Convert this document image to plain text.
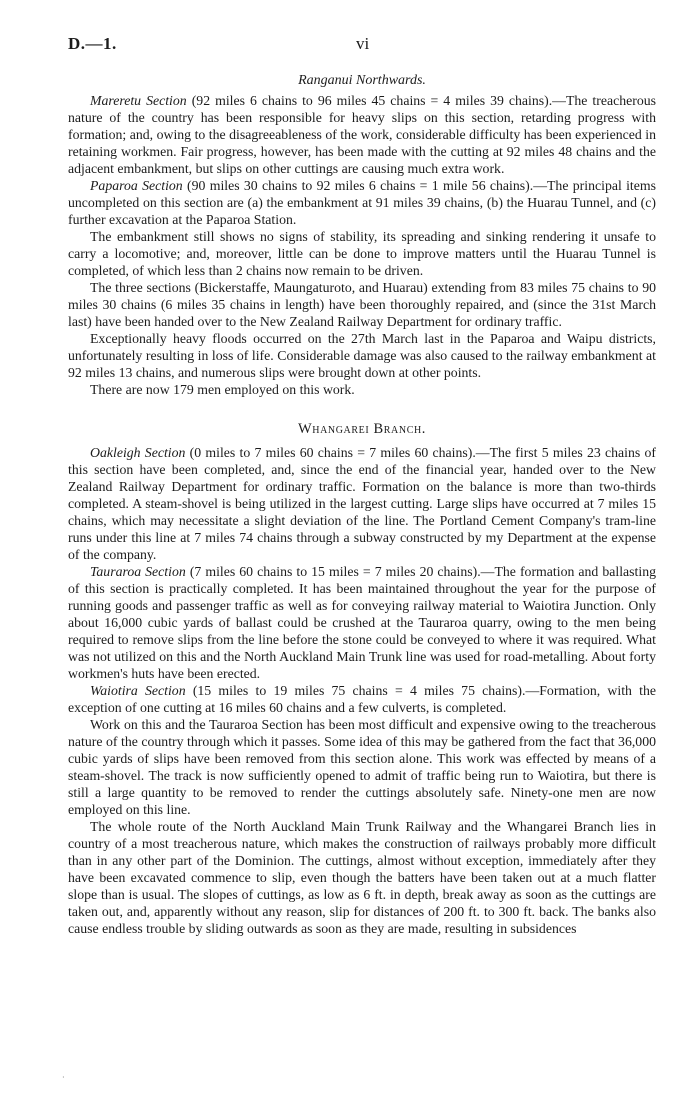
D.—1.	vi
Ranganui Northwards.

Mareretu Section (92 miles 6 chains to 96 miles 45 chains = 4 miles 39 chains).—The treacherous nature of the country has been responsible for heavy slips on this section, retarding progress with formation; and, owing to the disagreeableness of the work, considerable difficulty has been experienced in retaining workmen. Fair progress, however, has been made with the cutting at 92 miles 48 chains and the adjacent embankment, but slips on other cuttings are causing much extra work.

Paparoa Section (90 miles 30 chains to 92 miles 6 chains = 1 mile 56 chains).—The principal items uncompleted on this section are (a) the embankment at 91 miles 39 chains, (b) the Huarau Tunnel, and (c) further excavation at the Paparoa Station.

The embankment still shows no signs of stability, its spreading and sinking rendering it unsafe to carry a locomotive; and, moreover, little can be done to improve matters until the Huarau Tunnel is completed, of which less than 2 chains now remain to be driven.

The three sections (Bickerstaffe, Maungaturoto, and Huarau) extending from 83 miles 75 chains to 90 miles 30 chains (6 miles 35 chains in length) have been thoroughly repaired, and (since the 31st March last) have been handed over to the New Zealand Railway Department for ordinary traffic.

Exceptionally heavy floods occurred on the 27th March last in the Paparoa and Waipu districts, unfortunately resulting in loss of life. Considerable damage was also caused to the railway embankment at 92 miles 13 chains, and numerous slips were brought down at other points.

There are now 179 men employed on this work.

Whangarei Branch.

Oakleigh Section (0 miles to 7 miles 60 chains = 7 miles 60 chains).—The first 5 miles 23 chains of this section have been completed, and, since the end of the financial year, handed over to the New Zealand Railway Department for ordinary traffic. Formation on the balance is more than two-thirds completed. A steam-shovel is being utilized in the largest cutting. Large slips have occurred at 7 miles 15 chains, which may necessitate a slight deviation of the line. The Portland Cement Company's tram-line runs under this line at 7 miles 74 chains through a subway constructed by my Department at the expense of the company.

Tauraroa Section (7 miles 60 chains to 15 miles = 7 miles 20 chains).—The formation and ballasting of this section is practically completed. It has been maintained throughout the year for the purpose of running goods and passenger traffic as well as for conveying railway material to Waiotira Junction. Only about 16,000 cubic yards of ballast could be crushed at the Tauraroa quarry, owing to the men being required to remove slips from the line before the stone could be conveyed to where it was required. What was not utilized on this and the North Auckland Main Trunk line was used for road-metalling. About forty workmen's huts have been erected.

Waiotira Section (15 miles to 19 miles 75 chains = 4 miles 75 chains).—Formation, with the exception of one cutting at 16 miles 60 chains and a few culverts, is completed.

Work on this and the Tauraroa Section has been most difficult and expensive owing to the treacherous nature of the country through which it passes. Some idea of this may be gathered from the fact that 36,000 cubic yards of slips have been removed from this section alone. This work was effected by means of a steam-shovel. The track is now sufficiently opened to admit of traffic being run to Waiotira, but there is still a large quantity to be removed to render the cuttings absolutely safe. Ninety-one men are now employed on this line.

The whole route of the North Auckland Main Trunk Railway and the Whangarei Branch lies in country of a most treacherous nature, which makes the construction of railways probably more difficult than in any other part of the Dominion. The cuttings, almost without exception, immediately after they have been excavated commence to slip, even though the batters have been taken out at a much flatter slope than is usual. The slopes of cuttings, as low as 6 ft. in depth, break away as soon as the cuttings are taken out, and, apparently without any reason, slip for distances of 200 ft. to 300 ft. back. The banks also cause endless trouble by sliding outwards as soon as they are made, resulting in subsidences

·
